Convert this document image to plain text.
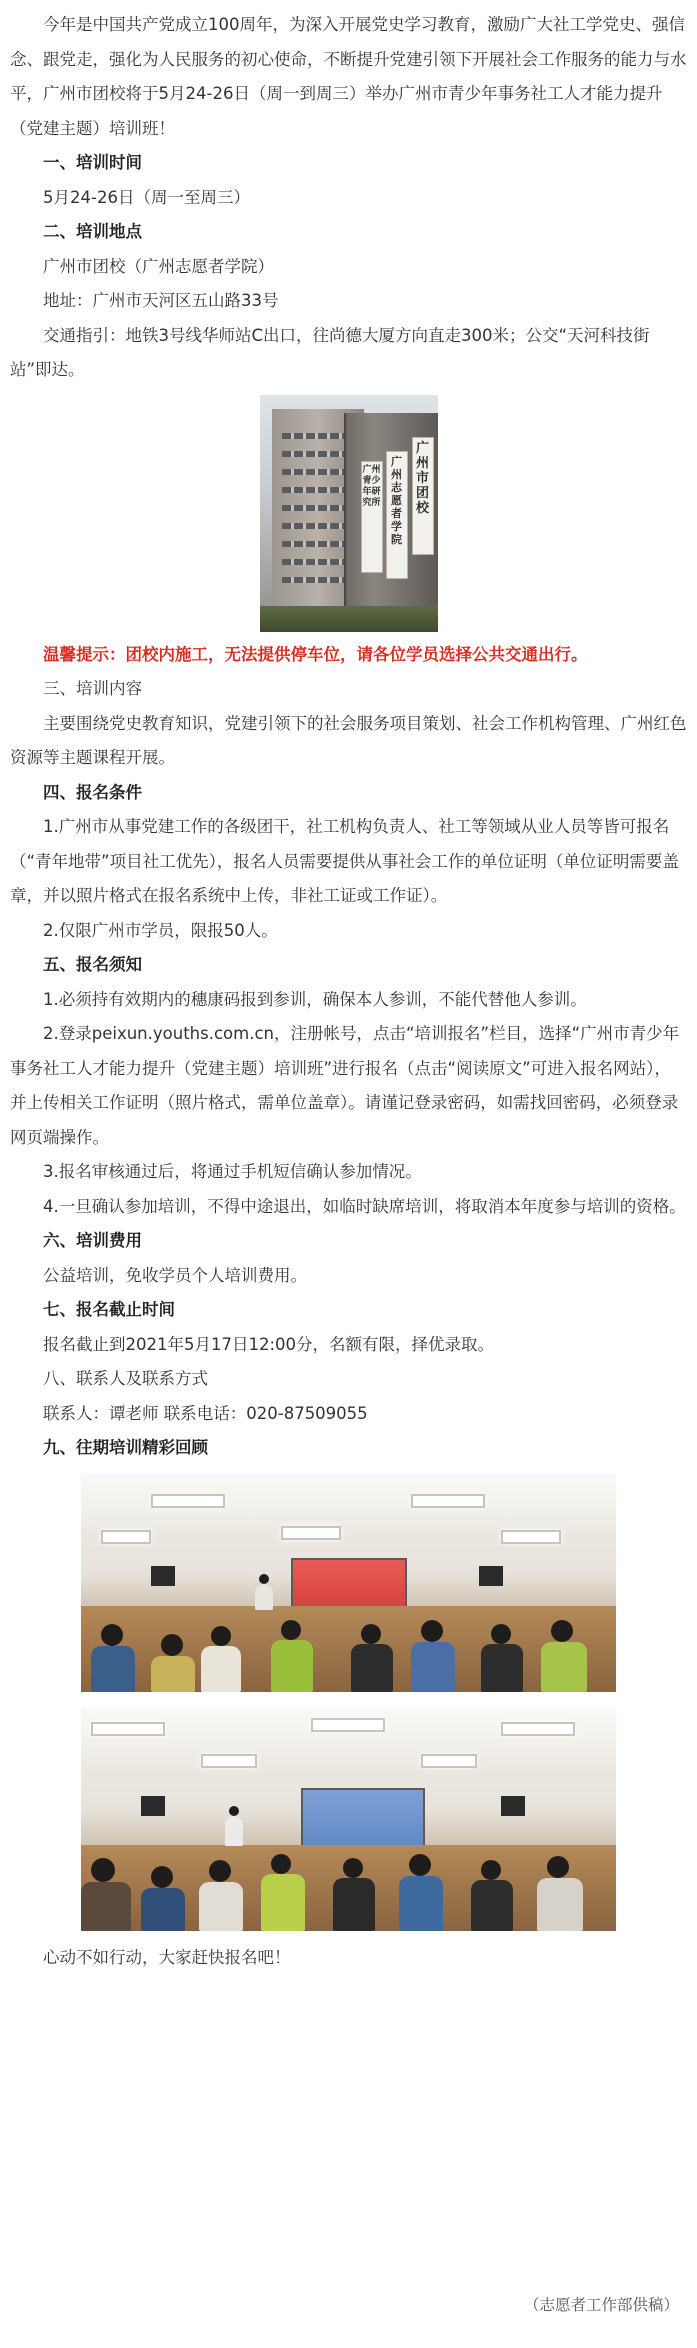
今年是中国共产党成立100周年，为深入开展党史学习教育，激励广大社工学党史、强信念、跟党走，强化为人民服务的初心使命，不断提升党建引领下开展社会工作服务的能力与水平，广州市团校将于5月24-26日（周一到周三）举办广州市青少年事务社工人才能力提升（党建主题）培训班！

一、培训时间

5月24-26日（周一至周三）

二、培训地点

广州市团校（广州志愿者学院）

地址：广州市天河区五山路33号

交通指引：地铁3号线华师站C出口，往尚德大厦方向直走300米；公交“天河科技街站”即达。

广州市团校
广州志愿者学院
广州青少年研究所

温馨提示：团校内施工，无法提供停车位，请各位学员选择公共交通出行。

三、培训内容

主要围绕党史教育知识，党建引领下的社会服务项目策划、社会工作机构管理、广州红色资源等主题课程开展。

四、报名条件

1.广州市从事党建工作的各级团干，社工机构负责人、社工等领域从业人员等皆可报名（“青年地带”项目社工优先），报名人员需要提供从事社会工作的单位证明（单位证明需要盖章，并以照片格式在报名系统中上传，非社工证或工作证）。

2.仅限广州市学员，限报50人。

五、报名须知

1.必须持有效期内的穗康码报到参训，确保本人参训，不能代替他人参训。

2.登录peixun.youths.com.cn，注册帐号，点击“培训报名”栏目，选择“广州市青少年事务社工人才能力提升（党建主题）培训班”进行报名（点击“阅读原文”可进入报名网站），并上传相关工作证明（照片格式，需单位盖章）。请谨记登录密码，如需找回密码，必须登录网页端操作。

3.报名审核通过后，将通过手机短信确认参加情况。

4.一旦确认参加培训，不得中途退出，如临时缺席培训，将取消本年度参与培训的资格。

六、培训费用

公益培训，免收学员个人培训费用。

七、报名截止时间

报名截止到2021年5月17日12:00分，名额有限，择优录取。

八、联系人及联系方式

联系人：谭老师 联系电话：020-87509055

九、往期培训精彩回顾

心动不如行动，大家赶快报名吧！

（志愿者工作部供稿）
